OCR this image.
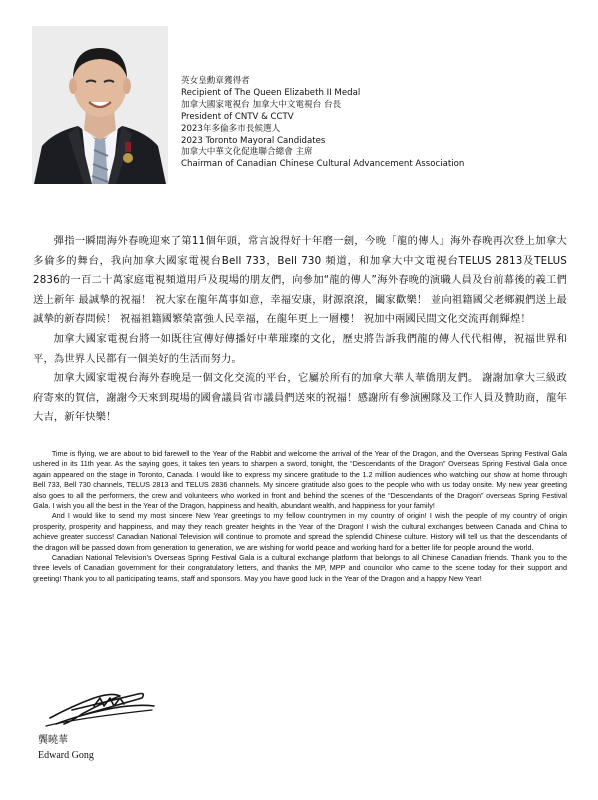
英女皇勳章獲得者
Recipient of The Queen Elizabeth II Medal
加拿大國家電視台 加拿大中文電視台 台長
President of CNTV & CCTV
2023年多倫多市長候選人
2023 Toronto Mayoral Candidates
加拿大中華文化促進聯合總會 主席
Chairman of Canadian Chinese Cultural Advancement Association

彈指一瞬間海外春晚迎來了第11個年頭，常言說得好十年磨一劍，今晚「龍的傳人」海外春晚再次登上加拿大多倫多的舞台，我向加拿大國家電視台Bell 733，Bell 730 頻道，和加拿大中文電視台TELUS 2813及TELUS 2836的一百二十萬家庭電視頻道用戶及現場的朋友們，向參加“龍的傳人”海外春晚的演職人員及台前幕後的義工們送上新年 最誠摯的祝福！ 祝大家在龍年萬事如意，幸福安康，財源滾滾，闔家歡樂！ 並向祖籍國父老鄉親們送上最誠摯的新春問候！ 祝福祖籍國繁榮富強人民幸福，在龍年更上一層樓！ 祝加中兩國民間文化交流再創輝煌！

加拿大國家電視台將一如既往宣傳好傳播好中華璀璨的文化，歷史將告訴我們龍的傳人代代相傳，祝福世界和平，為世界人民都有一個美好的生活而努力。

加拿大國家電視台海外春晚是一個文化交流的平台，它屬於所有的加拿大華人華僑朋友們。 謝謝加拿大三級政府寄來的賀信，謝謝今天來到現場的國會議員省市議員們送來的祝福！感謝所有參演團隊及工作人員及贊助商，龍年大吉，新年快樂！

Time is flying, we are about to bid farewell to the Year of the Rabbit and welcome the arrival of the Year of the Dragon, and the Overseas Spring Festival Gala ushered in its 11th year. As the saying goes, it takes ten years to sharpen a sword, tonight, the “Descendants of the Dragon” Overseas Spring Festival Gala once again appeared on the stage in Toronto, Canada. I would like to express my sincere gratitude to the 1.2 million audiences who watching our show at home through Bell 733, Bell 730 channels, TELUS 2813 and TELUS 2836 channels. My sincere gratitude also goes to the people who with us today onsite. My new year greeting also goes to all the performers, the crew and volunteers who worked in front and behind the scenes of the “Descendants of the Dragon” overseas Spring Festival Gala. I wish you all the best in the Year of the Dragon, happiness and health, abundant wealth, and happiness for your family!

And I would like to send my most sincere New Year greetings to my fellow countrymen in my country of origin! I wish the people of my country of origin prosperity, prosperity and happiness, and may they reach greater heights in the Year of the Dragon! I wish the cultural exchanges between Canada and China to achieve greater success! Canadian National Television will continue to promote and spread the splendid Chinese culture. History will tell us that the descendants of the dragon will be passed down from generation to generation, we are wishing for world peace and working hard for a better life for people around the world.

Canadian National Television’s Overseas Spring Festival Gala is a cultural exchange platform that belongs to all Chinese Canadian friends. Thank you to the three levels of Canadian government for their congratulatory letters, and thanks the MP, MPP and councilor who came to the scene today for their support and greeting! Thank you to all participating teams, staff and sponsors. May you have good luck in the Year of the Dragon and a happy New Year!

龔曉華
Edward Gong
